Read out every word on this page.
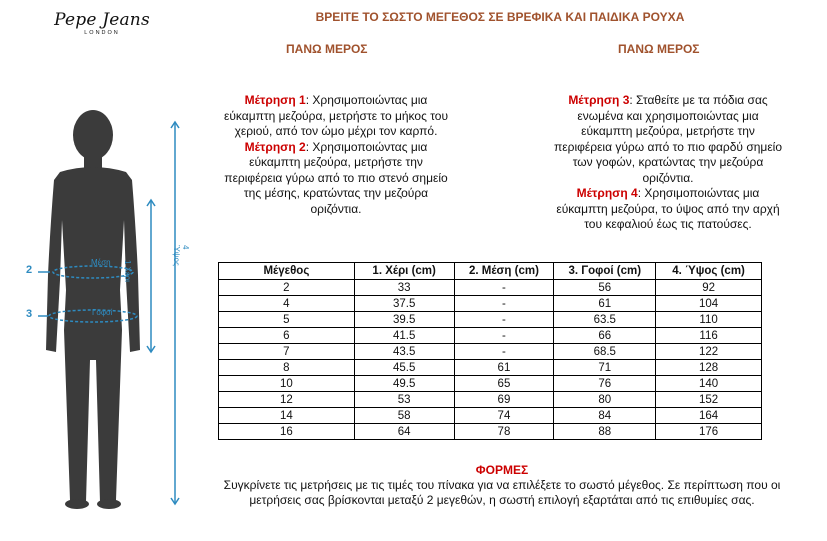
Pepe Jeans
LONDON
ΒΡΕΙΤΕ ΤΟ ΣΩΣΤΟ ΜΕΓΕΘΟΣ ΣΕ ΒΡΕΦΙΚΑ ΚΑΙ ΠΑΙΔΙΚΑ ΡΟΥΧΑ
ΠΑΝΩ ΜΕΡΟΣ	ΠΑΝΩ ΜΕΡΟΣ
Μέτρηση 1: Χρησιμοποιώντας μια εύκαμπτη μεζούρα, μετρήστε το μήκος του χεριού, από τον ώμο μέχρι τον καρπό.
Μέτρηση 2: Χρησιμοποιώντας μια εύκαμπτη μεζούρα, μετρήστε την περιφέρεια γύρω από το πιο στενό σημείο της μέσης, κρατώντας την μεζούρα οριζόντια.
Μέτρηση 3: Σταθείτε με τα πόδια σας ενωμένα και χρησιμοποιώντας μια εύκαμπτη μεζούρα, μετρήστε την περιφέρεια γύρω από το πιο φαρδύ σημείο των γοφών, κρατώντας την μεζούρα οριζόντια.
Μέτρηση 4: Χρησιμοποιώντας μια εύκαμπτη μεζούρα, το ύψος από την αρχή του κεφαλιού έως τις πατούσες.
2
3
Μέση
Γοφοί
1 Χέρι
4 Ύψος
Μέγεθος	1. Χέρι (cm)	2. Μέση (cm)	3. Γοφοί (cm)	4. Ύψος (cm)
2	33	-	56	92
4	37.5	-	61	104
5	39.5	-	63.5	110
6	41.5	-	66	116
7	43.5	-	68.5	122
8	45.5	61	71	128
10	49.5	65	76	140
12	53	69	80	152
14	58	74	84	164
16	64	78	88	176
ΦΟΡΜΕΣ
Συγκρίνετε τις μετρήσεις με τις τιμές του πίνακα για να επιλέξετε το σωστό μέγεθος. Σε περίπτωση που οι μετρήσεις σας βρίσκονται μεταξύ 2 μεγεθών, η σωστή επιλογή εξαρτάται από τις επιθυμίες σας.
